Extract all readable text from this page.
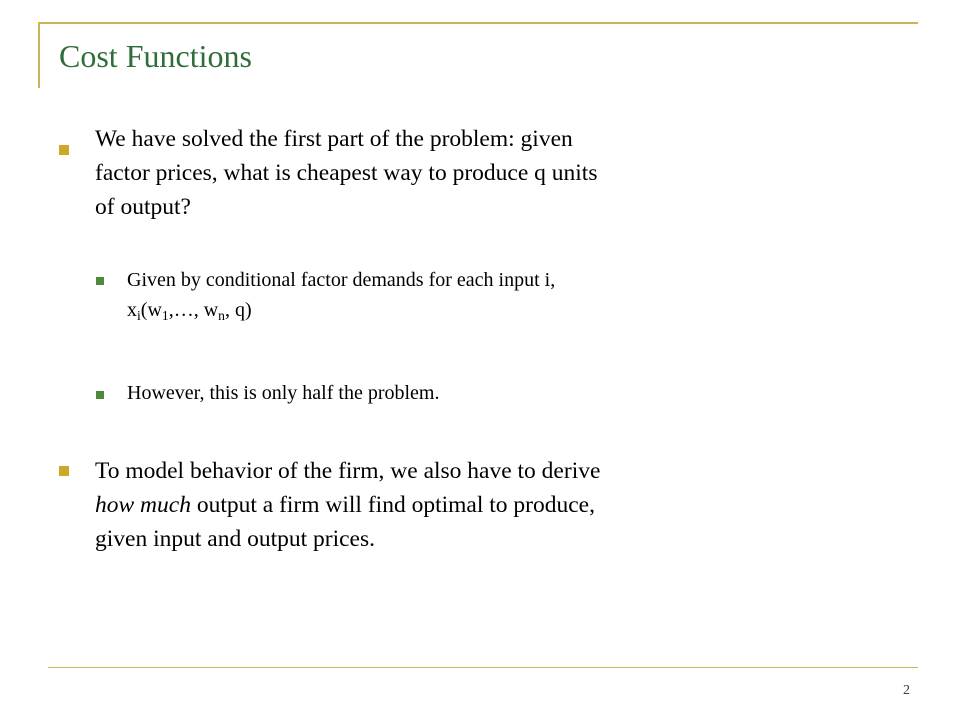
Cost Functions
We have solved the first part of the problem: given factor prices, what is cheapest way to produce q units of output?
Given by conditional factor demands for each input i, $x_i(w_1,\dots$, $w_n$, q)
However, this is only half the problem.
To model behavior of the firm, we also have to derive how much output a firm will find optimal to produce, given input and output prices.
2
